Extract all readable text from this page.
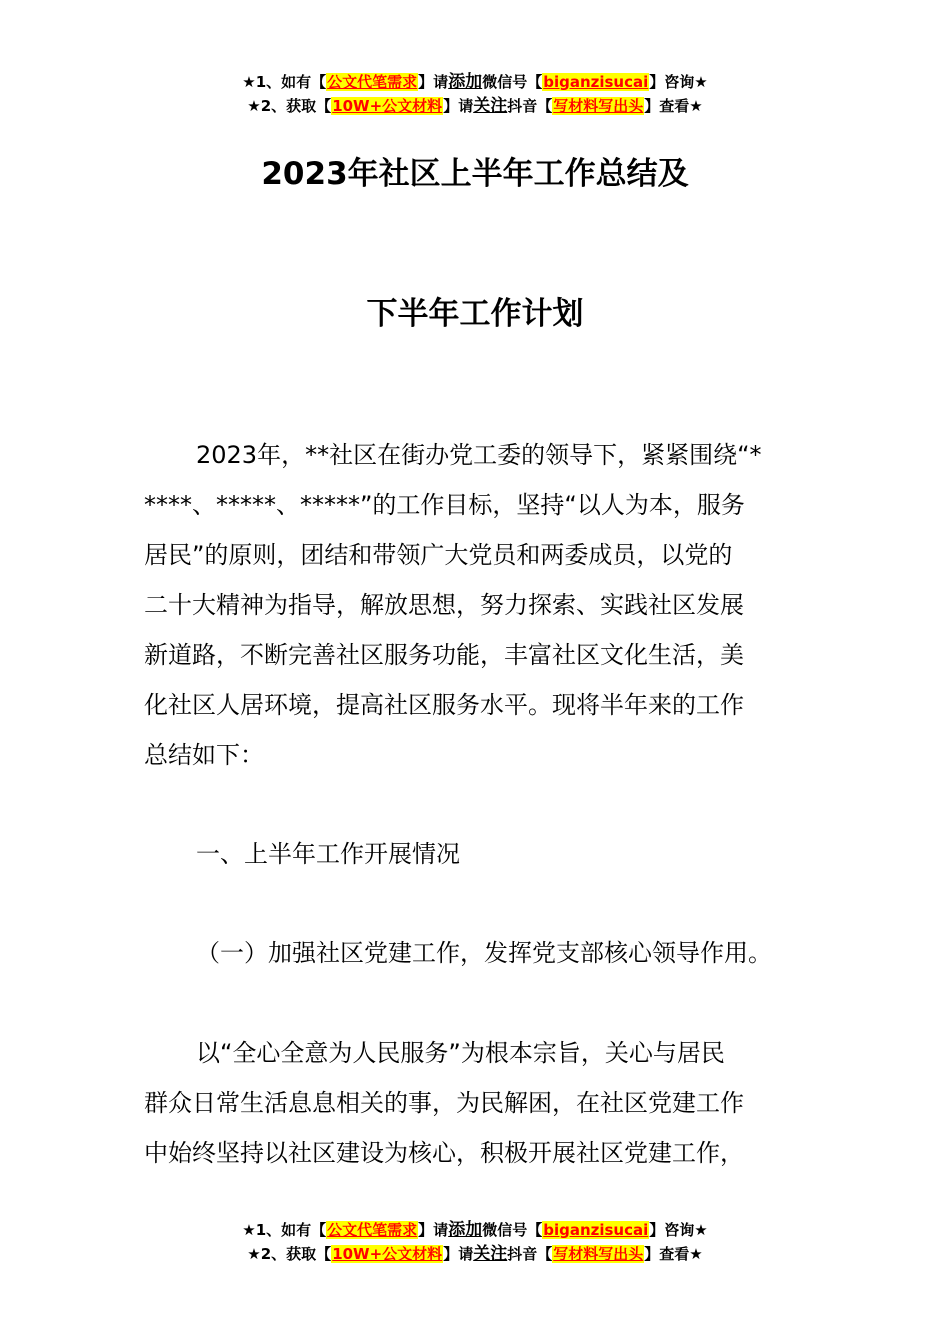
★1、如有【公文代笔需求】请添加微信号【biganzisucai】咨询★
★2、获取【10W+公文材料】请关注抖音【写材料写出头】查看★
2023年社区上半年工作总结及
下半年工作计划

2023年，**社区在街办党工委的领导下，紧紧围绕“*
****、*****、*****”的工作目标，坚持“以人为本，服务
居民”的原则，团结和带领广大党员和两委成员，以党的
二十大精神为指导，解放思想，努力探索、实践社区发展
新道路，不断完善社区服务功能，丰富社区文化生活，美
化社区人居环境，提高社区服务水平。现将半年来的工作
总结如下：

一、上半年工作开展情况
（一）加强社区党建工作，发挥党支部核心领导作用。

以“全心全意为人民服务”为根本宗旨，关心与居民
群众日常生活息息相关的事，为民解困，在社区党建工作
中始终坚持以社区建设为核心，积极开展社区党建工作，

★1、如有【公文代笔需求】请添加微信号【biganzisucai】咨询★
★2、获取【10W+公文材料】请关注抖音【写材料写出头】查看★
